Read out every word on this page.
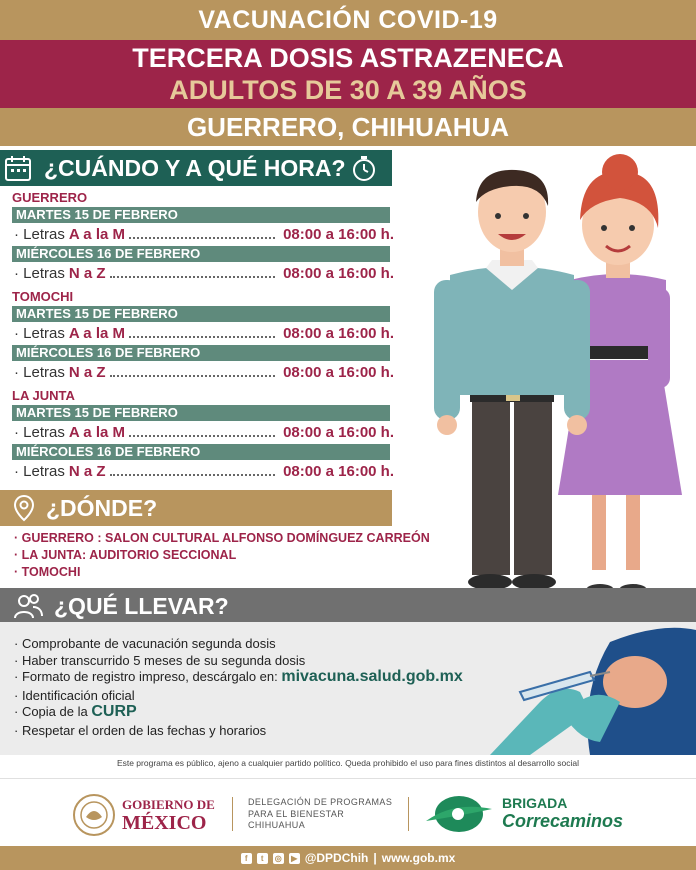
VACUNACIÓN COVID-19
TERCERA DOSIS ASTRAZENECA
ADULTOS DE 30 A 39 AÑOS
GUERRERO, CHIHUAHUA
¿CUÁNDO Y A QUÉ HORA?
GUERRERO
MARTES 15 DE FEBRERO
· Letras A a la M	08:00 a 16:00 h.
MIÉRCOLES 16 DE FEBRERO
· Letras N a Z	08:00 a 16:00 h.
TOMOCHI
MARTES 15 DE FEBRERO
· Letras A a la M	08:00 a 16:00 h.
MIÉRCOLES 16 DE FEBRERO
· Letras N a Z	08:00 a 16:00 h.
LA JUNTA
MARTES 15 DE FEBRERO
· Letras A a la M	08:00 a 16:00 h.
MIÉRCOLES 16 DE FEBRERO
· Letras N a Z	08:00 a 16:00 h.
¿DÓNDE?
· GUERRERO : SALON CULTURAL ALFONSO DOMÍNGUEZ CARREÓN
· LA JUNTA: AUDITORIO SECCIONAL
· TOMOCHI
¿QUÉ LLEVAR?
· Comprobante de vacunación segunda dosis
· Haber transcurrido 5 meses de su segunda dosis
· Formato de registro impreso, descárgalo en: mivacuna.salud.gob.mx
· Identificación oficial
· Copia de la CURP
· Respetar el orden de las fechas y horarios
Este programa es público, ajeno a cualquier partido político. Queda prohibido el uso para fines distintos al desarrollo social
GOBIERNO DE
MÉXICO
DELEGACIÓN DE PROGRAMAS
PARA EL BIENESTAR
CHIHUAHUA
BRIGADA
Correcaminos
f	t	◎	▶ @DPDChih | www.gob.mx
